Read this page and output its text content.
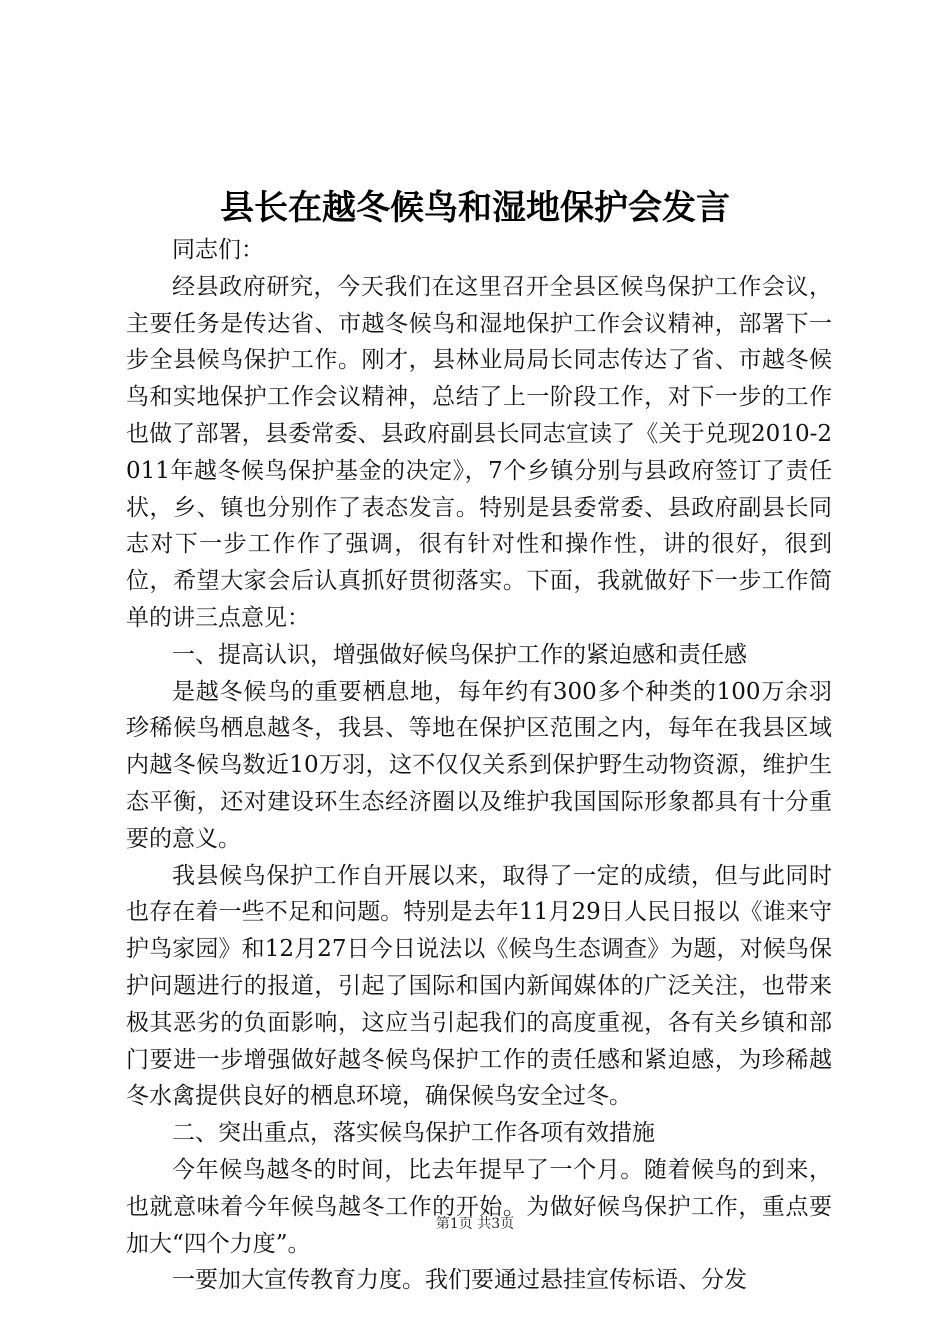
县长在越冬候鸟和湿地保护会发言

同志们：

经县政府研究，今天我们在这里召开全县区候鸟保护工作会议，主要任务是传达省、市越冬候鸟和湿地保护工作会议精神，部署下一步全县候鸟保护工作。刚才，县林业局局长同志传达了省、市越冬候鸟和实地保护工作会议精神，总结了上一阶段工作，对下一步的工作也做了部署，县委常委、县政府副县长同志宣读了《关于兑现2010-2011年越冬候鸟保护基金的决定》，7个乡镇分别与县政府签订了责任状，乡、镇也分别作了表态发言。特别是县委常委、县政府副县长同志对下一步工作作了强调，很有针对性和操作性，讲的很好，很到位，希望大家会后认真抓好贯彻落实。下面，我就做好下一步工作简单的讲三点意见：

一、提高认识，增强做好候鸟保护工作的紧迫感和责任感

是越冬候鸟的重要栖息地，每年约有300多个种类的100万余羽珍稀候鸟栖息越冬，我县、等地在保护区范围之内，每年在我县区域内越冬候鸟数近10万羽，这不仅仅关系到保护野生动物资源，维护生态平衡，还对建设环生态经济圈以及维护我国国际形象都具有十分重要的意义。

我县候鸟保护工作自开展以来，取得了一定的成绩，但与此同时也存在着一些不足和问题。特别是去年11月29日人民日报以《谁来守护鸟家园》和12月27日今日说法以《候鸟生态调查》为题，对候鸟保护问题进行的报道，引起了国际和国内新闻媒体的广泛关注，也带来极其恶劣的负面影响，这应当引起我们的高度重视，各有关乡镇和部门要进一步增强做好越冬候鸟保护工作的责任感和紧迫感，为珍稀越冬水禽提供良好的栖息环境，确保候鸟安全过冬。

二、突出重点，落实候鸟保护工作各项有效措施

今年候鸟越冬的时间，比去年提早了一个月。随着候鸟的到来，也就意味着今年候鸟越冬工作的开始。为做好候鸟保护工作，重点要加大“四个力度”。

一要加大宣传教育力度。我们要通过悬挂宣传标语、分发

第1页 共3页
